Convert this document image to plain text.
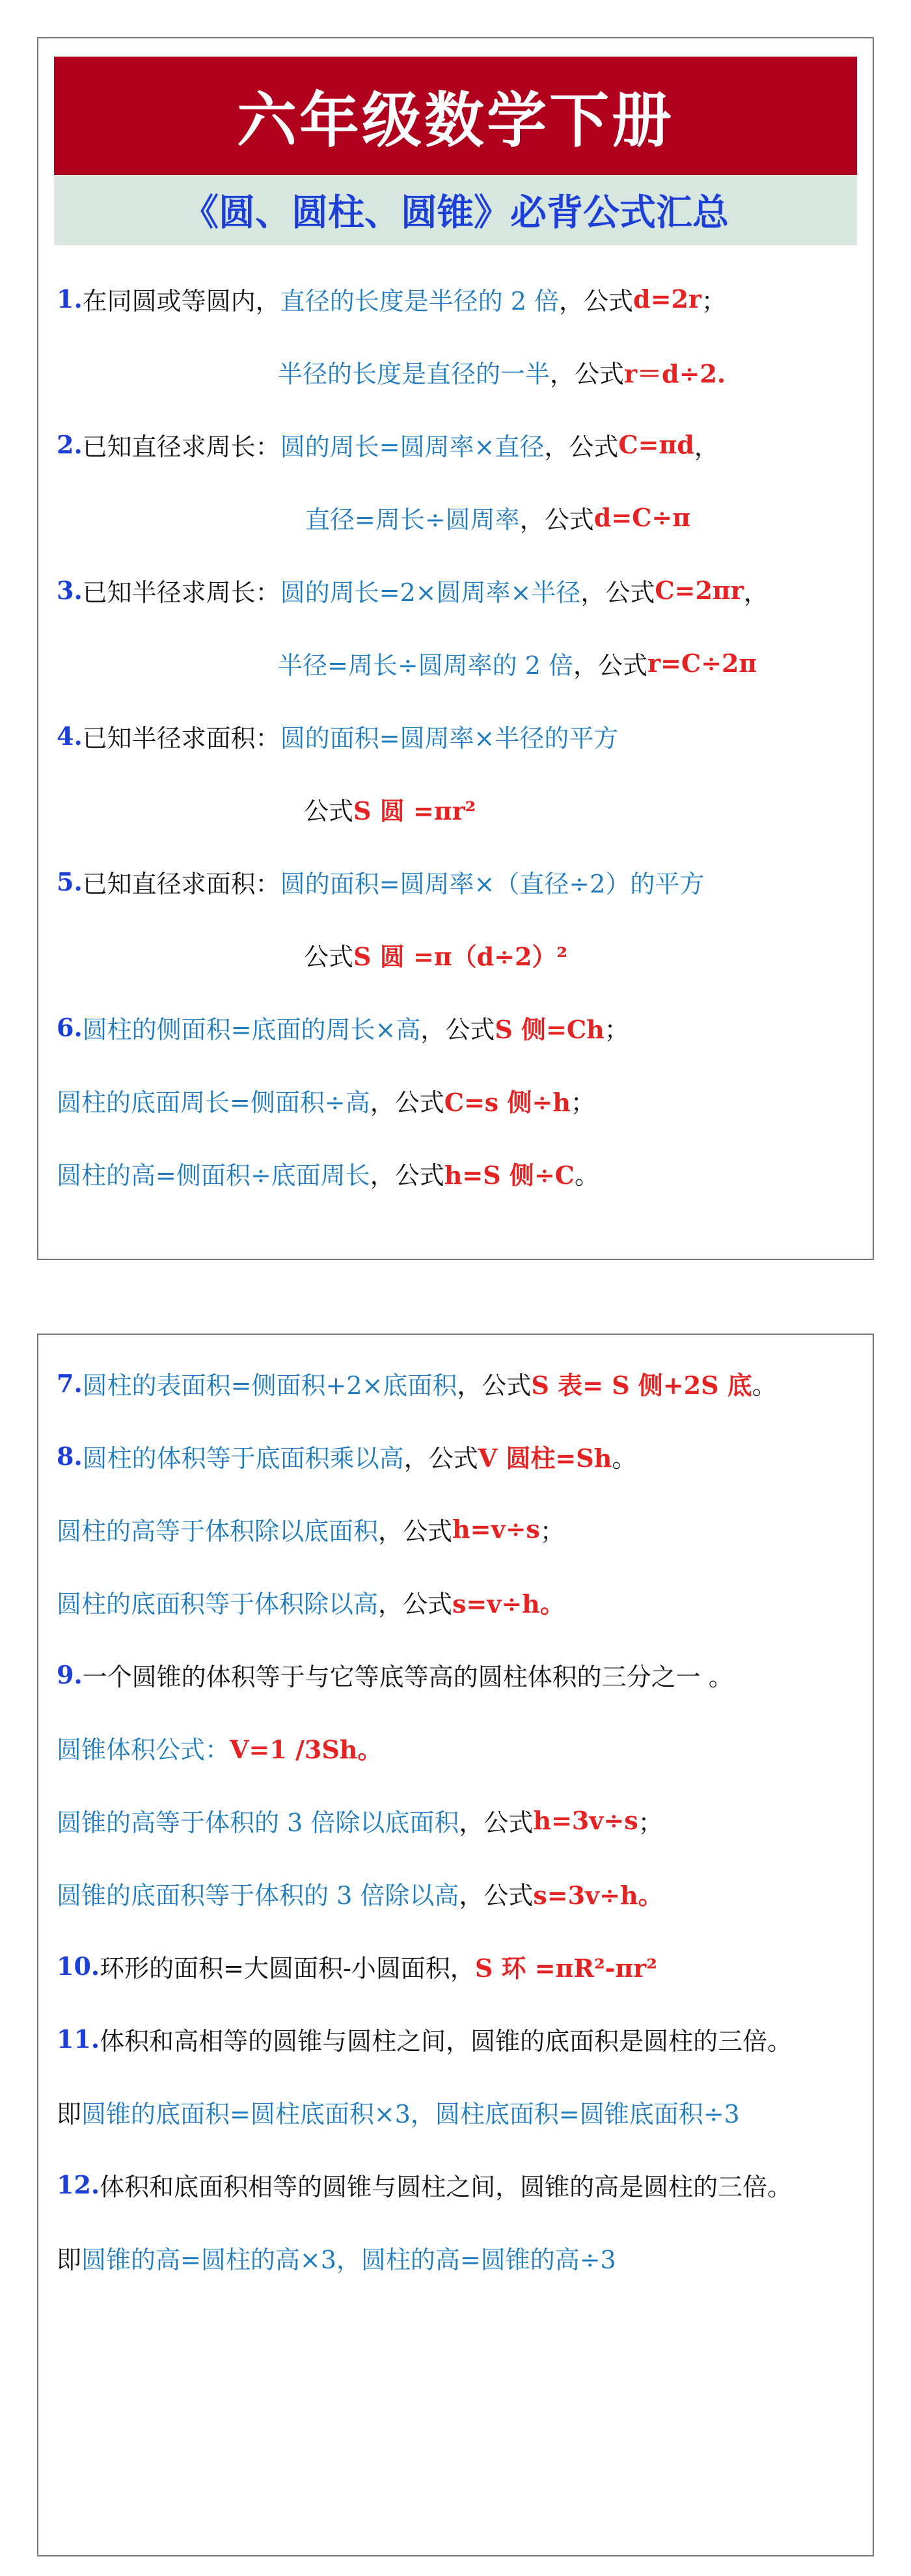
六年级数学下册
《圆、圆柱、圆锥》必背公式汇总
1. 在同圆或等圆内， 直径的长度是半径的 2 倍 ，公式 d=2r ；
半径的长度是直径的一半 ，公式 r＝d÷2.
2. 已知直径求周长： 圆的周长=圆周率×直径 ，公式 C=πd ，
直径=周长÷圆周率 ，公式 d=C÷π
3. 已知半径求周长： 圆的周长=2×圆周率×半径 ，公式 C=2πr ，
半径=周长÷圆周率的 2 倍 ，公式 r=C÷2π
4. 已知半径求面积： 圆的面积=圆周率×半径的平方
公式 S 圆 =πr²
5. 已知直径求面积： 圆的面积=圆周率×（直径÷2）的平方
公式 S 圆 =π（d÷2）²
6. 圆柱的侧面积=底面的周长×高 ，公式 S 侧=Ch ；
圆柱的底面周长=侧面积÷高 ，公式 C=s 侧÷h ；
圆柱的高=侧面积÷底面周长 ，公式 h=S 侧÷C 。
7. 圆柱的表面积=侧面积+2×底面积 ，公式 S 表= S 侧+2S 底 。
8. 圆柱的体积等于底面积乘以高 ，公式 V 圆柱=Sh 。
圆柱的高等于体积除以底面积 ，公式 h=v÷s ；
圆柱的底面积等于体积除以高 ，公式 s=v÷h。
9. 一个圆锥的体积等于与它等底等高的圆柱体积的三分之一 。
圆锥体积公式： V=1 /3Sh。
圆锥的高等于体积的 3 倍除以底面积 ，公式 h=3v÷s ；
圆锥的底面积等于体积的 3 倍除以高 ，公式 s=3v÷h。
10. 环形的面积=大圆面积-小圆面积， S 环 =πR²-πr²
11. 体积和高相等的圆锥与圆柱之间，圆锥的底面积是圆柱的三倍。
即 圆锥的底面积=圆柱底面积×3，圆柱底面积=圆锥底面积÷3
12. 体积和底面积相等的圆锥与圆柱之间，圆锥的高是圆柱的三倍。
即 圆锥的高=圆柱的高×3，圆柱的高=圆锥的高÷3
